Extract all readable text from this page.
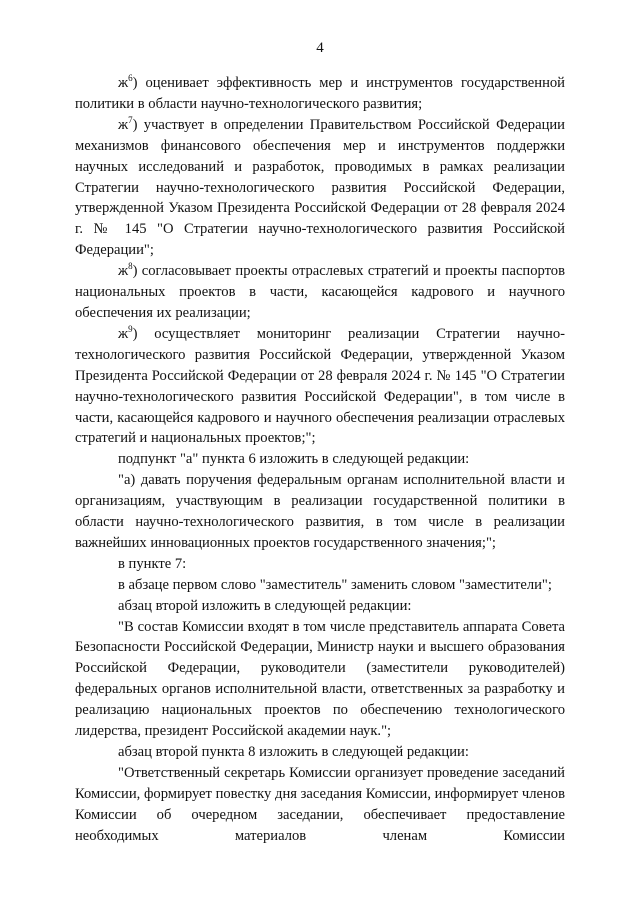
4

$ж^6$) оценивает эффективность мер и инструментов государственной политики в области научно-технологического развития;

$ж^7$) участвует в определении Правительством Российской Федерации механизмов финансового обеспечения мер и инструментов поддержки научных исследований и разработок, проводимых в рамках реализации Стратегии научно-технологического развития Российской Федерации, утвержденной Указом Президента Российской Федерации от 28 февраля 2024 г. № 145 "О Стратегии научно-технологического развития Российской Федерации";

$ж^8$) согласовывает проекты отраслевых стратегий и проекты паспортов национальных проектов в части, касающейся кадрового и научного обеспечения их реализации;

$ж^9$) осуществляет мониторинг реализации Стратегии научно-технологического развития Российской Федерации, утвержденной Указом Президента Российской Федерации от 28 февраля 2024 г. № 145 "О Стратегии научно-технологического развития Российской Федерации", в том числе в части, касающейся кадрового и научного обеспечения реализации отраслевых стратегий и национальных проектов;";

подпункт "а" пункта 6 изложить в следующей редакции:

"а) давать поручения федеральным органам исполнительной власти и организациям, участвующим в реализации государственной политики в области научно-технологического развития, в том числе в реализации важнейших инновационных проектов государственного значения;";

в пункте 7:

в абзаце первом слово "заместитель" заменить словом "заместители";

абзац второй изложить в следующей редакции:

"В состав Комиссии входят в том числе представитель аппарата Совета Безопасности Российской Федерации, Министр науки и высшего образования Российской Федерации, руководители (заместители руководителей) федеральных органов исполнительной власти, ответственных за разработку и реализацию национальных проектов по обеспечению технологического лидерства, президент Российской академии наук.";

абзац второй пункта 8 изложить в следующей редакции:

"Ответственный секретарь Комиссии организует проведение заседаний Комиссии, формирует повестку дня заседания Комиссии, информирует членов Комиссии об очередном заседании, обеспечивает предоставление необходимых материалов членам Комиссии
